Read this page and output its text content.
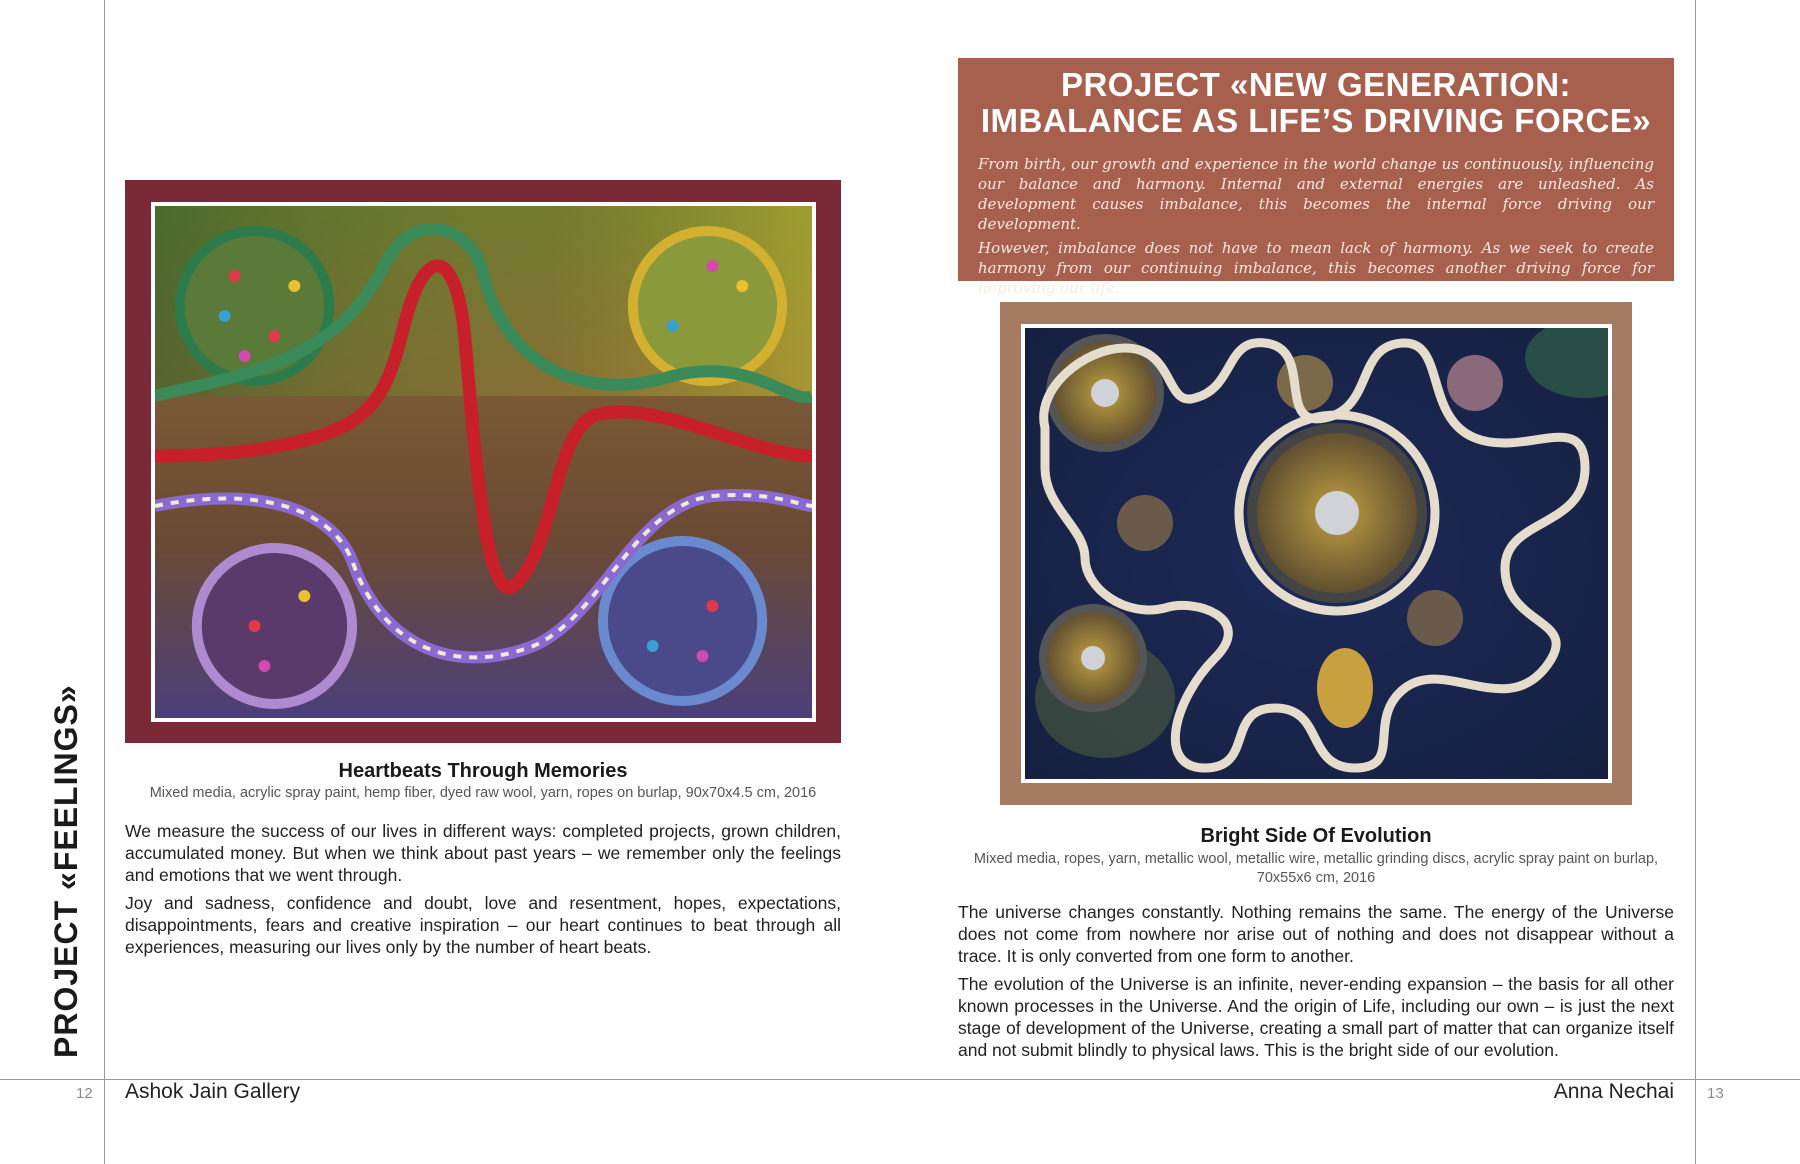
PROJECT «FEELINGS»	Heartbeats Through Memories
Mixed media, acrylic spray paint, hemp fiber, dyed raw wool, yarn, ropes on burlap, 90x70x4.5 cm, 2016

We measure the success of our lives in different ways: completed projects, grown children, accumulated money. But when we think about past years – we remember only the feelings and emotions that we went through.

Joy and sadness, confidence and doubt, love and resentment, hopes, expectations, disappointments, fears and creative inspiration – our heart continues to beat through all experiences, measuring our lives only by the number of heart beats.

PROJECT «NEW GENERATION:
IMBALANCE AS LIFE’S DRIVING FORCE»

From birth, our growth and experience in the world change us continuously, influencing our balance and harmony. Internal and external energies are unleashed. As development causes imbalance, this becomes the internal force driving our development.

However, imbalance does not have to mean lack of harmony. As we seek to create harmony from our continuing imbalance, this becomes another driving force for improving our life.

Bright Side Of Evolution
Mixed media, ropes, yarn, metallic wool, metallic wire, metallic grinding discs, acrylic spray paint on burlap,
70x55x6 cm, 2016

The universe changes constantly. Nothing remains the same. The energy of the Universe does not come from nowhere nor arise out of nothing and does not disappear without a trace. It is only converted from one form to another.

The evolution of the Universe is an infinite, never-ending expansion – the basis for all other known processes in the Universe. And the origin of Life, including our own – is just the next stage of development of the Universe, creating a small part of matter that can organize itself and not submit blindly to physical laws. This is the bright side of our evolution.

12 Ashok Jain Gallery	Anna Nechai 13
